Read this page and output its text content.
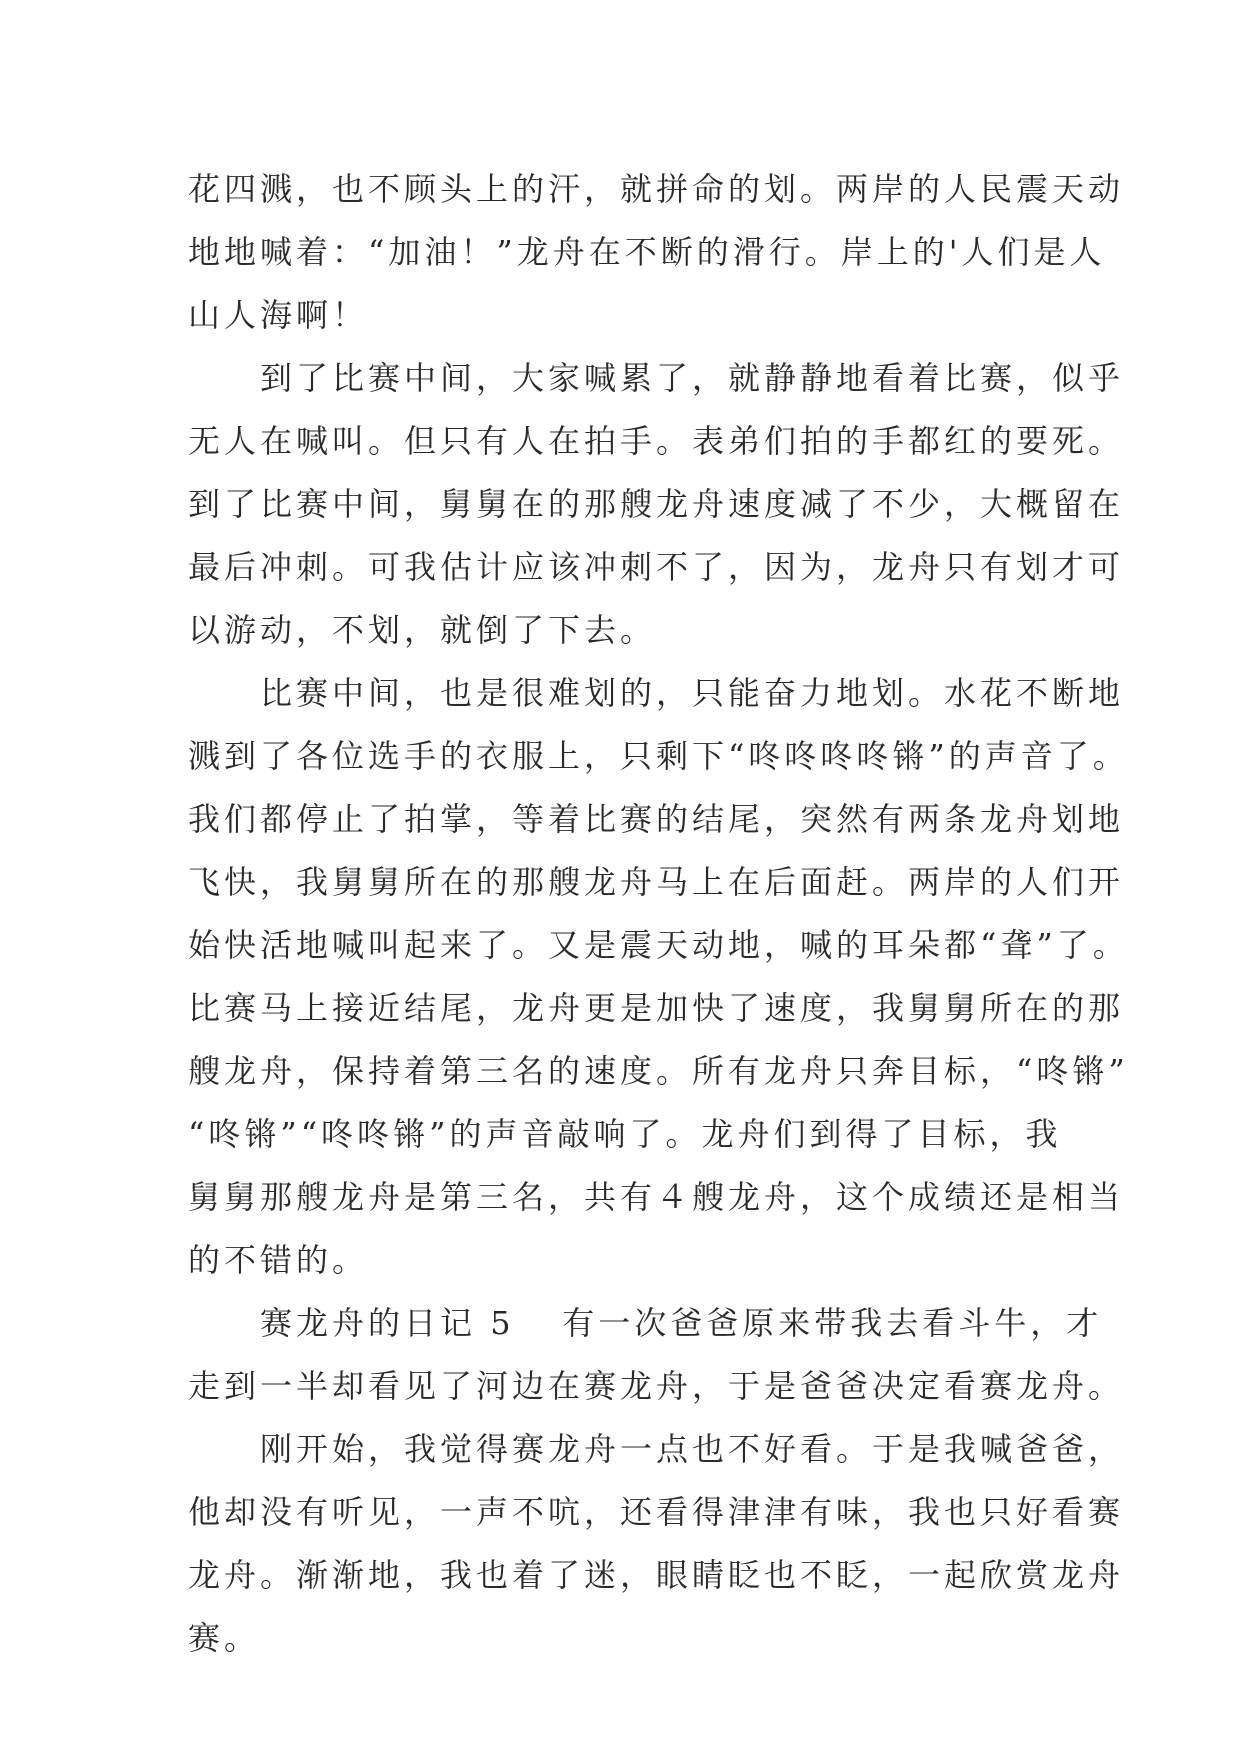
花四溅，也不顾头上的汗，就拼命的划。两岸的人民震天动
地地喊着：“加油！”龙舟在不断的滑行。岸上的'人们是人
山人海啊！
到了比赛中间，大家喊累了，就静静地看着比赛，似乎
无人在喊叫。但只有人在拍手。表弟们拍的手都红的要死。
到了比赛中间，舅舅在的那艘龙舟速度减了不少，大概留在
最后冲刺。可我估计应该冲刺不了，因为，龙舟只有划才可
以游动，不划，就倒了下去。
比赛中间，也是很难划的，只能奋力地划。水花不断地
溅到了各位选手的衣服上，只剩下“咚咚咚咚锵”的声音了。
我们都停止了拍掌，等着比赛的结尾，突然有两条龙舟划地
飞快，我舅舅所在的那艘龙舟马上在后面赶。两岸的人们开
始快活地喊叫起来了。又是震天动地，喊的耳朵都“聋”了。
比赛马上接近结尾，龙舟更是加快了速度，我舅舅所在的那
艘龙舟，保持着第三名的速度。所有龙舟只奔目标，“咚锵”
“咚锵”“咚咚锵”的声音敲响了。龙舟们到得了目标，我
舅舅那艘龙舟是第三名，共有４艘龙舟，这个成绩还是相当
的不错的。
赛龙舟的日记 5 有一次爸爸原来带我去看斗牛，才
走到一半却看见了河边在赛龙舟，于是爸爸决定看赛龙舟。
刚开始，我觉得赛龙舟一点也不好看。于是我喊爸爸，
他却没有听见，一声不吭，还看得津津有味，我也只好看赛
龙舟。渐渐地，我也着了迷，眼睛眨也不眨，一起欣赏龙舟
赛。
